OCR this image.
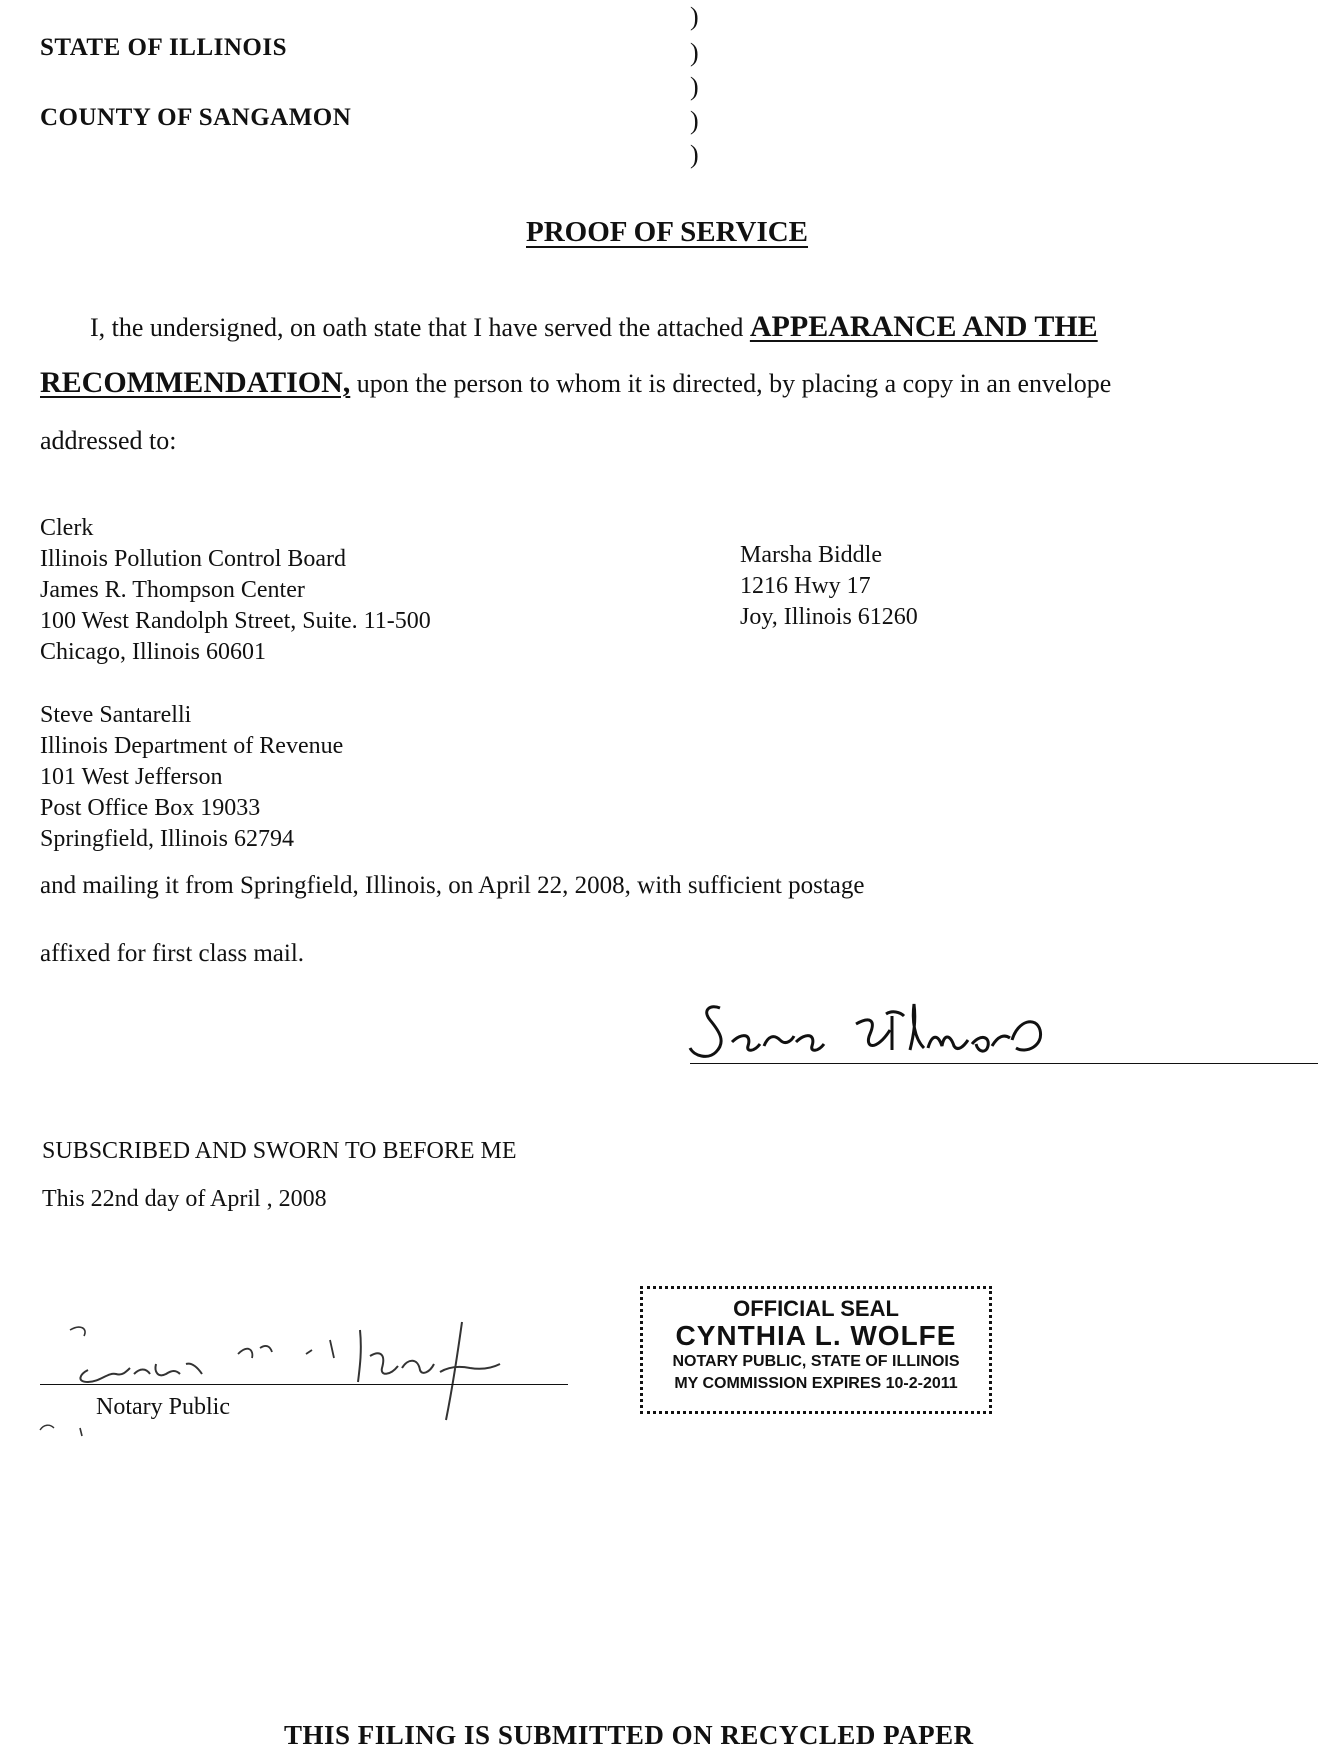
STATE OF ILLINOIS
COUNTY OF SANGAMON
)
)
)
)
)
PROOF OF SERVICE
I, the undersigned, on oath state that I have served the attached APPEARANCE AND THE
RECOMMENDATION, upon the person to whom it is directed, by placing a copy in an envelope
addressed to:
Clerk
Illinois Pollution Control Board
James R. Thompson Center
100 West Randolph Street, Suite. 11-500
Chicago, Illinois 60601
Marsha Biddle
1216 Hwy 17
Joy, Illinois 61260
Steve Santarelli
Illinois Department of Revenue
101 West Jefferson
Post Office Box 19033
Springfield, Illinois 62794
and mailing it from Springfield, Illinois, on April 22, 2008, with sufficient postage
affixed for first class mail.
SUBSCRIBED AND SWORN TO BEFORE ME
This 22nd day of April , 2008
Notary Public
OFFICIAL SEAL
CYNTHIA L. WOLFE
NOTARY PUBLIC, STATE OF ILLINOIS
MY COMMISSION EXPIRES 10-2-2011
THIS FILING IS SUBMITTED ON RECYCLED PAPER
